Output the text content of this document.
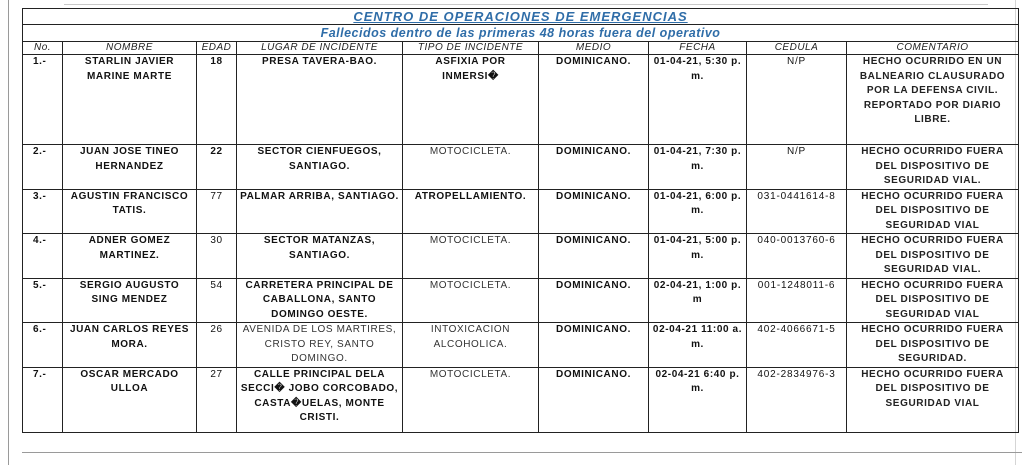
CENTRO DE OPERACIONES DE EMERGENCIAS								
Fallecidos dentro de las primeras 48 horas fuera del operativo								
No.	NOMBRE	EDAD	LUGAR DE INCIDENTE	TIPO DE INCIDENTE	MEDIO	FECHA	CEDULA	COMENTARIO
1.-	STARLIN JAVIER MARINE MARTE	18	PRESA TAVERA-BAO.	ASFIXIA POR INMERSI�	DOMINICANO.	01-04-21, 5:30 p. m.	N/P	HECHO OCURRIDO EN UN BALNEARIO CLAUSURADO POR LA DEFENSA CIVIL. REPORTADO POR DIARIO LIBRE.
2.-	JUAN JOSE TINEO HERNANDEZ	22	SECTOR CIENFUEGOS, SANTIAGO.	MOTOCICLETA.	DOMINICANO.	01-04-21, 7:30 p. m.	N/P	HECHO OCURRIDO FUERA DEL DISPOSITIVO DE SEGURIDAD VIAL.
3.-	AGUSTIN FRANCISCO TATIS.	77	PALMAR ARRIBA, SANTIAGO.	ATROPELLAMIENTO.	DOMINICANO.	01-04-21, 6:00 p. m.	031-0441614-8	HECHO OCURRIDO FUERA DEL DISPOSITIVO DE SEGURIDAD VIAL
4.-	ADNER GOMEZ MARTINEZ.	30	SECTOR MATANZAS, SANTIAGO.	MOTOCICLETA.	DOMINICANO.	01-04-21, 5:00 p. m.	040-0013760-6	HECHO OCURRIDO FUERA DEL DISPOSITIVO DE SEGURIDAD VIAL.
5.-	SERGIO AUGUSTO SING MENDEZ	54	CARRETERA PRINCIPAL DE CABALLONA, SANTO DOMINGO OESTE.	MOTOCICLETA.	DOMINICANO.	02-04-21, 1:00 p. m	001-1248011-6	HECHO OCURRIDO FUERA DEL DISPOSITIVO DE SEGURIDAD VIAL
6.-	JUAN CARLOS REYES MORA.	26	AVENIDA DE LOS MARTIRES, CRISTO REY, SANTO DOMINGO.	INTOXICACION ALCOHOLICA.	DOMINICANO.	02-04-21 11:00 a. m.	402-4066671-5	HECHO OCURRIDO FUERA DEL DISPOSITIVO DE SEGURIDAD.
7.-	OSCAR MERCADO ULLOA	27	CALLE PRINCIPAL DELA SECCI� JOBO CORCOBADO, CASTA�UELAS, MONTE CRISTI.	MOTOCICLETA.	DOMINICANO.	02-04-21 6:40 p. m.	402-2834976-3	HECHO OCURRIDO FUERA DEL DISPOSITIVO DE SEGURIDAD VIAL
